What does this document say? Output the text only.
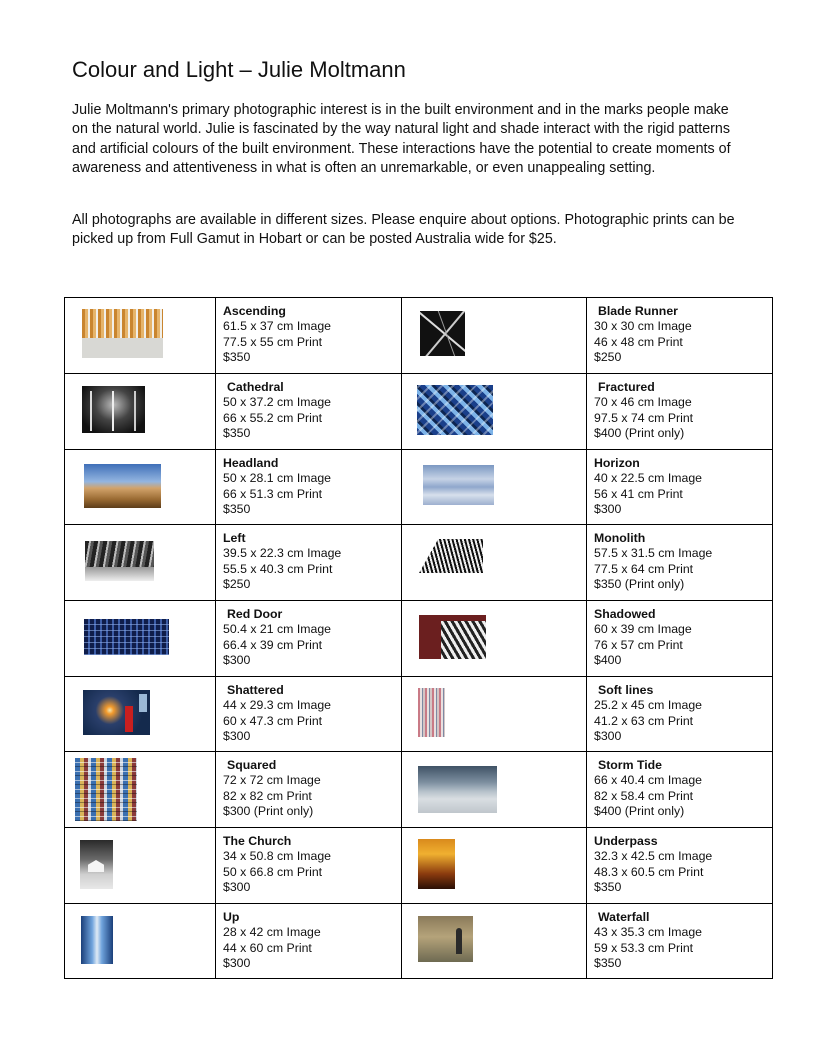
Colour and Light – Julie Moltmann

Julie Moltmann's primary photographic interest is in the built environment and in the marks people make on the natural world. Julie is fascinated by the way natural light and shade interact with the rigid patterns and artificial colours of the built environment. These interactions have the potential to create moments of awareness and attentiveness in what is often an unremarkable, or even unappealing setting.

All photographs are available in different sizes. Please enquire about options. Photographic prints can be picked up from Full Gamut in Hobart or can be posted Australia wide for $25.

	Ascending
61.5 x 37 cm Image
77.5 x 55 cm Print
$350		Blade Runner
30 x 30 cm Image
46 x 48 cm Print
$250

	Cathedral
50 x 37.2 cm Image
66 x 55.2 cm Print
$350		Fractured
70 x 46 cm Image
97.5 x 74 cm Print
$400 (Print only)

	Headland
50 x 28.1 cm Image
66 x 51.3 cm Print
$350		Horizon
40 x 22.5 cm Image
56 x 41 cm Print
$300

	Left
39.5 x 22.3 cm Image
55.5 x 40.3 cm Print
$250		Monolith
57.5 x 31.5 cm Image
77.5 x 64 cm Print
$350 (Print only)

	Red Door
50.4 x 21 cm Image
66.4 x 39 cm Print
$300		Shadowed
60 x 39 cm Image
76 x 57 cm Print
$400

	Shattered
44 x 29.3 cm Image
60 x 47.3 cm Print
$300		Soft lines
25.2 x 45 cm Image
41.2 x 63 cm Print
$300

	Squared
72 x 72 cm Image
82 x 82 cm Print
$300 (Print only)		Storm Tide
66 x 40.4 cm Image
82 x 58.4 cm Print
$400 (Print only)

	The Church
34 x 50.8 cm Image
50 x 66.8 cm Print
$300		Underpass
32.3 x 42.5 cm Image
48.3 x 60.5 cm Print
$350

	Up
28 x 42 cm Image
44 x 60 cm Print
$300		Waterfall
43 x 35.3 cm Image
59 x 53.3 cm Print
$350
